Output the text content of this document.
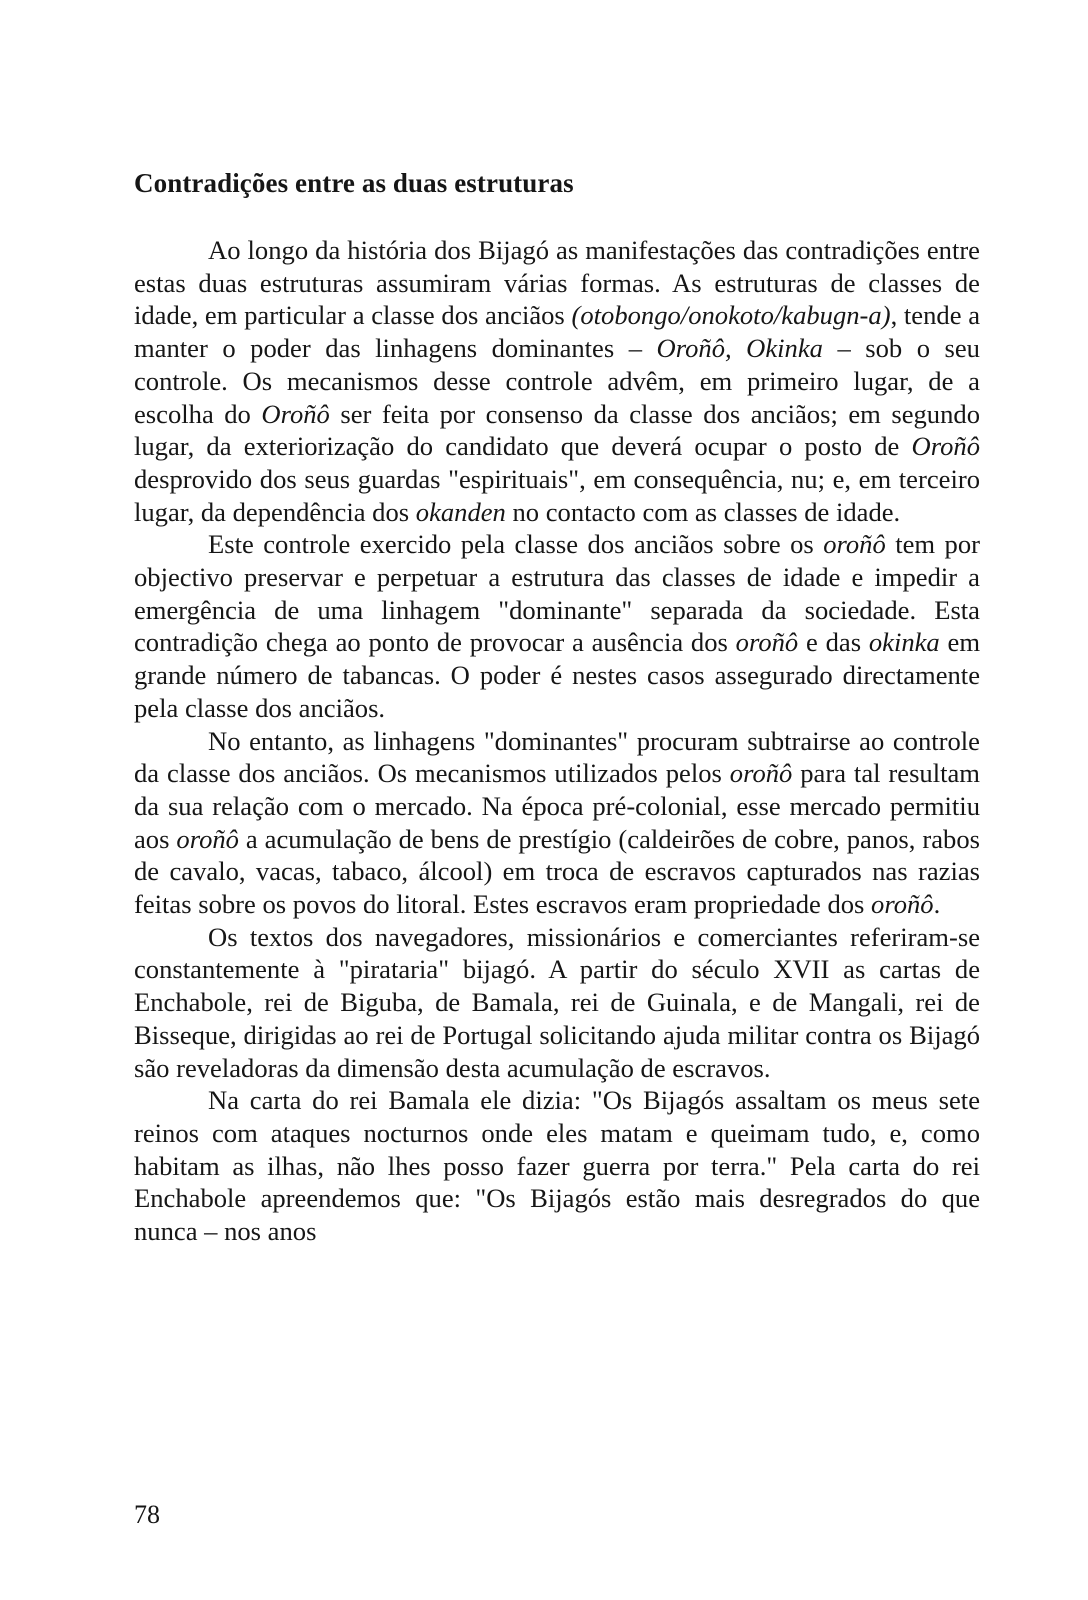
Contradições entre as duas estruturas

Ao longo da história dos Bijagó as manifestações das contradições entre estas duas estruturas assumiram várias formas. As estruturas de classes de idade, em particular a classe dos anciãos (otobongo/onokoto/kabugn-a), tende a manter o poder das linhagens dominantes – Oroñô, Okinka – sob o seu controle. Os mecanismos desse controle advêm, em primeiro lugar, de a escolha do Oroñô ser feita por consenso da classe dos anciãos; em segundo lugar, da exteriorização do candidato que deverá ocupar o posto de Oroñô desprovido dos seus guardas "espirituais", em consequência, nu; e, em terceiro lugar, da dependência dos okanden no contacto com as classes de idade.

Este controle exercido pela classe dos anciãos sobre os oroñô tem por objectivo preservar e perpetuar a estrutura das classes de idade e impedir a emergência de uma linhagem "dominante" separada da sociedade. Esta contradição chega ao ponto de provocar a ausência dos oroñô e das okinka em grande número de tabancas. O poder é nestes casos assegurado directamente pela classe dos anciãos.

No entanto, as linhagens "dominantes" procuram subtrairse ao controle da classe dos anciãos. Os mecanismos utilizados pelos oroñô para tal resultam da sua relação com o mercado. Na época pré-colonial, esse mercado permitiu aos oroñô a acumulação de bens de prestígio (caldeirões de cobre, panos, rabos de cavalo, vacas, tabaco, álcool) em troca de escravos capturados nas razias feitas sobre os povos do litoral. Estes escravos eram propriedade dos oroñô.

Os textos dos navegadores, missionários e comerciantes referiram-se constantemente à "pirataria" bijagó. A partir do século XVII as cartas de Enchabole, rei de Biguba, de Bamala, rei de Guinala, e de Mangali, rei de Bisseque, dirigidas ao rei de Portugal solicitando ajuda militar contra os Bijagó são reveladoras da dimensão desta acumulação de escravos.

Na carta do rei Bamala ele dizia: "Os Bijagós assaltam os meus sete reinos com ataques nocturnos onde eles matam e queimam tudo, e, como habitam as ilhas, não lhes posso fazer guerra por terra." Pela carta do rei Enchabole apreendemos que: "Os Bijagós estão mais desregrados do que nunca – nos anos

78
